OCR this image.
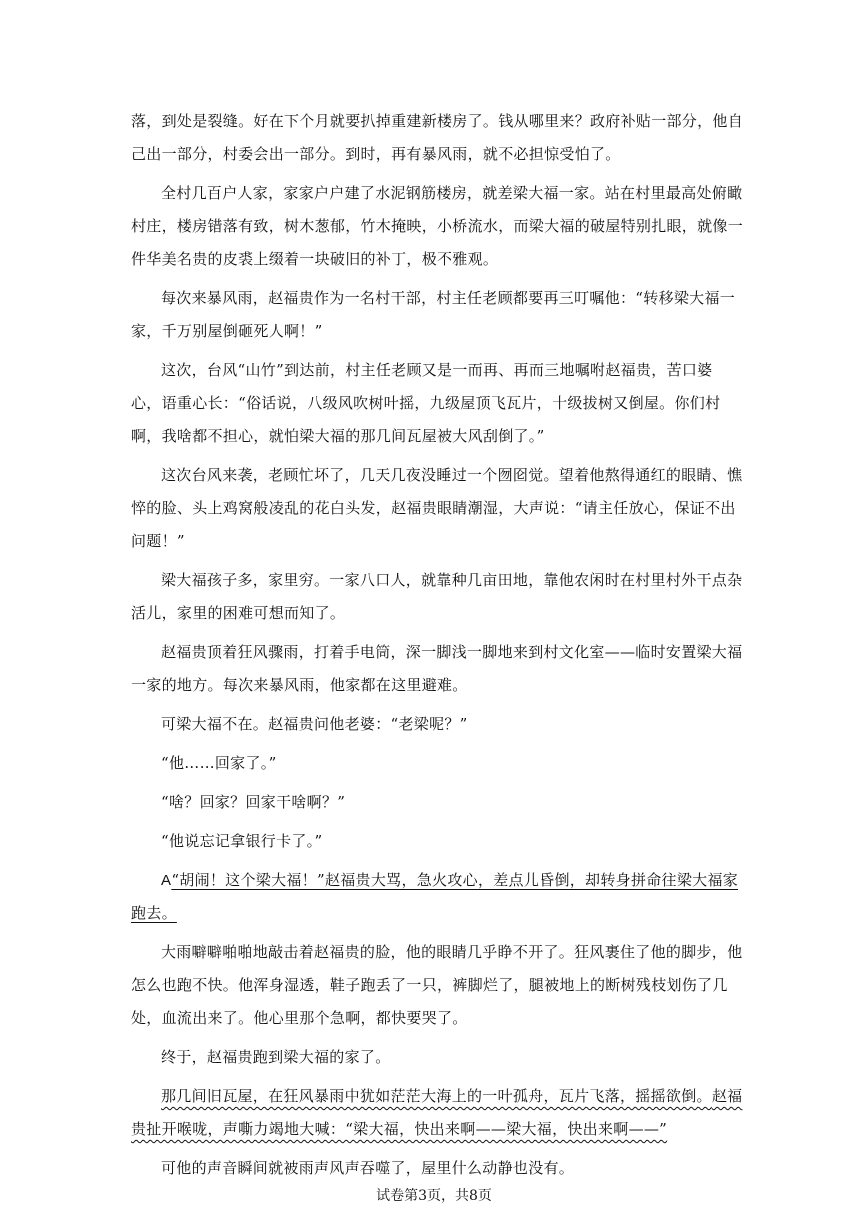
落，到处是裂缝。好在下个月就要扒掉重建新楼房了。钱从哪里来？政府补贴一部分，他自己出一部分，村委会出一部分。到时，再有暴风雨，就不必担惊受怕了。

全村几百户人家，家家户户建了水泥钢筋楼房，就差梁大福一家。站在村里最高处俯瞰村庄，楼房错落有致，树木葱郁，竹木掩映，小桥流水，而梁大福的破屋特别扎眼，就像一件华美名贵的皮裘上缀着一块破旧的补丁，极不雅观。

每次来暴风雨，赵福贵作为一名村干部，村主任老顾都要再三叮嘱他：“转移梁大福一家，千万别屋倒砸死人啊！”

这次，台风“山竹”到达前，村主任老顾又是一而再、再而三地嘱咐赵福贵，苦口婆心，语重心长：“俗话说，八级风吹树叶摇，九级屋顶飞瓦片，十级拔树又倒屋。你们村啊，我啥都不担心，就怕梁大福的那几间瓦屋被大风刮倒了。”

这次台风来袭，老顾忙坏了，几天几夜没睡过一个囫囵觉。望着他熬得通红的眼睛、憔悴的脸、头上鸡窝般凌乱的花白头发，赵福贵眼睛潮湿，大声说：“请主任放心，保证不出问题！”

梁大福孩子多，家里穷。一家八口人，就靠种几亩田地，靠他农闲时在村里村外干点杂活儿，家里的困难可想而知了。

赵福贵顶着狂风骤雨，打着手电筒，深一脚浅一脚地来到村文化室——临时安置梁大福一家的地方。每次来暴风雨，他家都在这里避难。

可梁大福不在。赵福贵问他老婆：“老梁呢？”

“他……回家了。”

“啥？回家？回家干啥啊？”

“他说忘记拿银行卡了。”

A“胡闹！这个梁大福！”赵福贵大骂，急火攻心，差点儿昏倒，却转身拼命往梁大福家跑去。

大雨噼噼啪啪地敲击着赵福贵的脸，他的眼睛几乎睁不开了。狂风裹住了他的脚步，他怎么也跑不快。他浑身湿透，鞋子跑丢了一只，裤脚烂了，腿被地上的断树残枝划伤了几处，血流出来了。他心里那个急啊，都快要哭了。

终于，赵福贵跑到梁大福的家了。

那几间旧瓦屋，在狂风暴雨中犹如茫茫大海上的一叶孤舟，瓦片飞落，摇摇欲倒。赵福贵扯开喉咙，声嘶力竭地大喊：“梁大福，快出来啊——梁大福，快出来啊——”

可他的声音瞬间就被雨声风声吞噬了，屋里什么动静也没有。

试卷第3页，共8页
